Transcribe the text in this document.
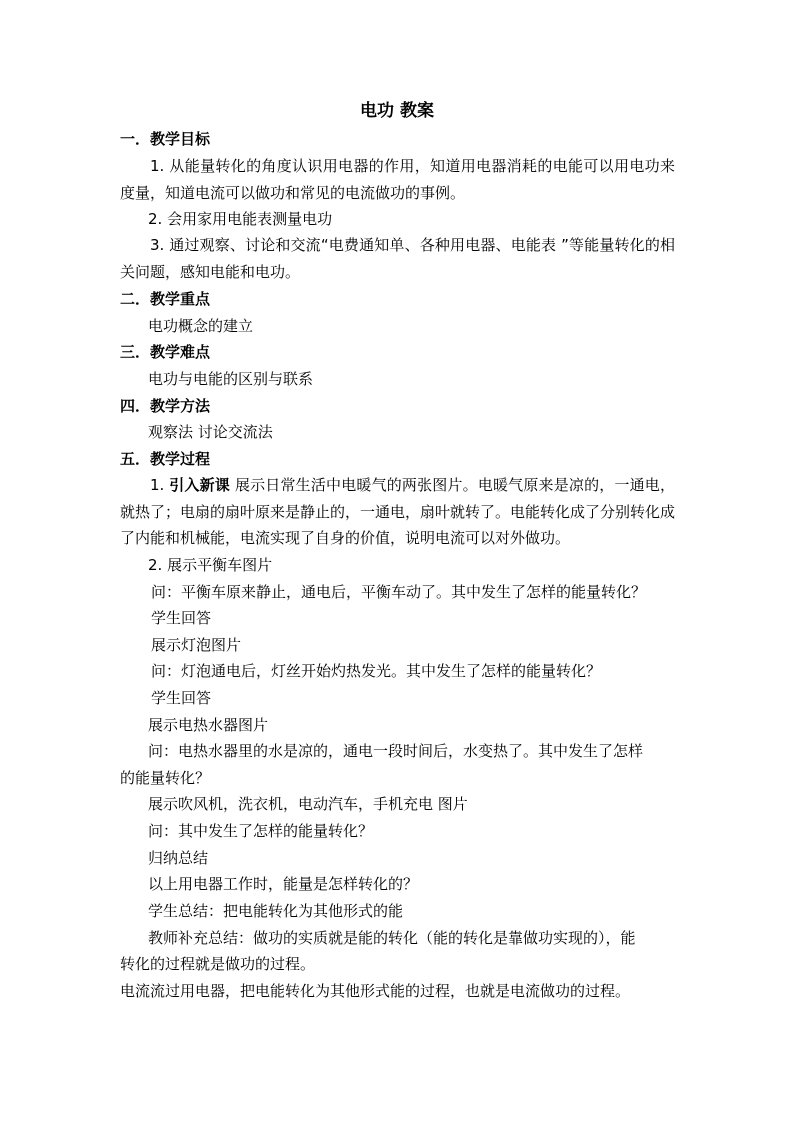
电功 教案
一．教学目标
1. 从能量转化的角度认识用电器的作用，知道用电器消耗的电能可以用电功来度量，知道电流可以做功和常见的电流做功的事例。
2. 会用家用电能表测量电功
3. 通过观察、讨论和交流“电费通知单、各种用电器、电能表 ”等能量转化的相关问题，感知电能和电功。
二．教学重点
电功概念的建立
三．教学难点
电功与电能的区别与联系
四．教学方法
观察法 讨论交流法
五．教学过程
1. 引入新课 展示日常生活中电暖气的两张图片。电暖气原来是凉的，一通电，就热了；电扇的扇叶原来是静止的，一通电，扇叶就转了。电能转化成了分别转化成了内能和机械能，电流实现了自身的价值，说明电流可以对外做功。
2. 展示平衡车图片
问：平衡车原来静止，通电后，平衡车动了。其中发生了怎样的能量转化？
学生回答
展示灯泡图片
问：灯泡通电后，灯丝开始灼热发光。其中发生了怎样的能量转化？
学生回答
展示电热水器图片
问：电热水器里的水是凉的，通电一段时间后，水变热了。其中发生了怎样
的能量转化？
展示吹风机，洗衣机，电动汽车，手机充电 图片
问：其中发生了怎样的能量转化？
归纳总结
以上用电器工作时，能量是怎样转化的？
学生总结：把电能转化为其他形式的能
教师补充总结：做功的实质就是能的转化（能的转化是靠做功实现的），能
转化的过程就是做功的过程。
电流流过用电器，把电能转化为其他形式能的过程，也就是电流做功的过程。
